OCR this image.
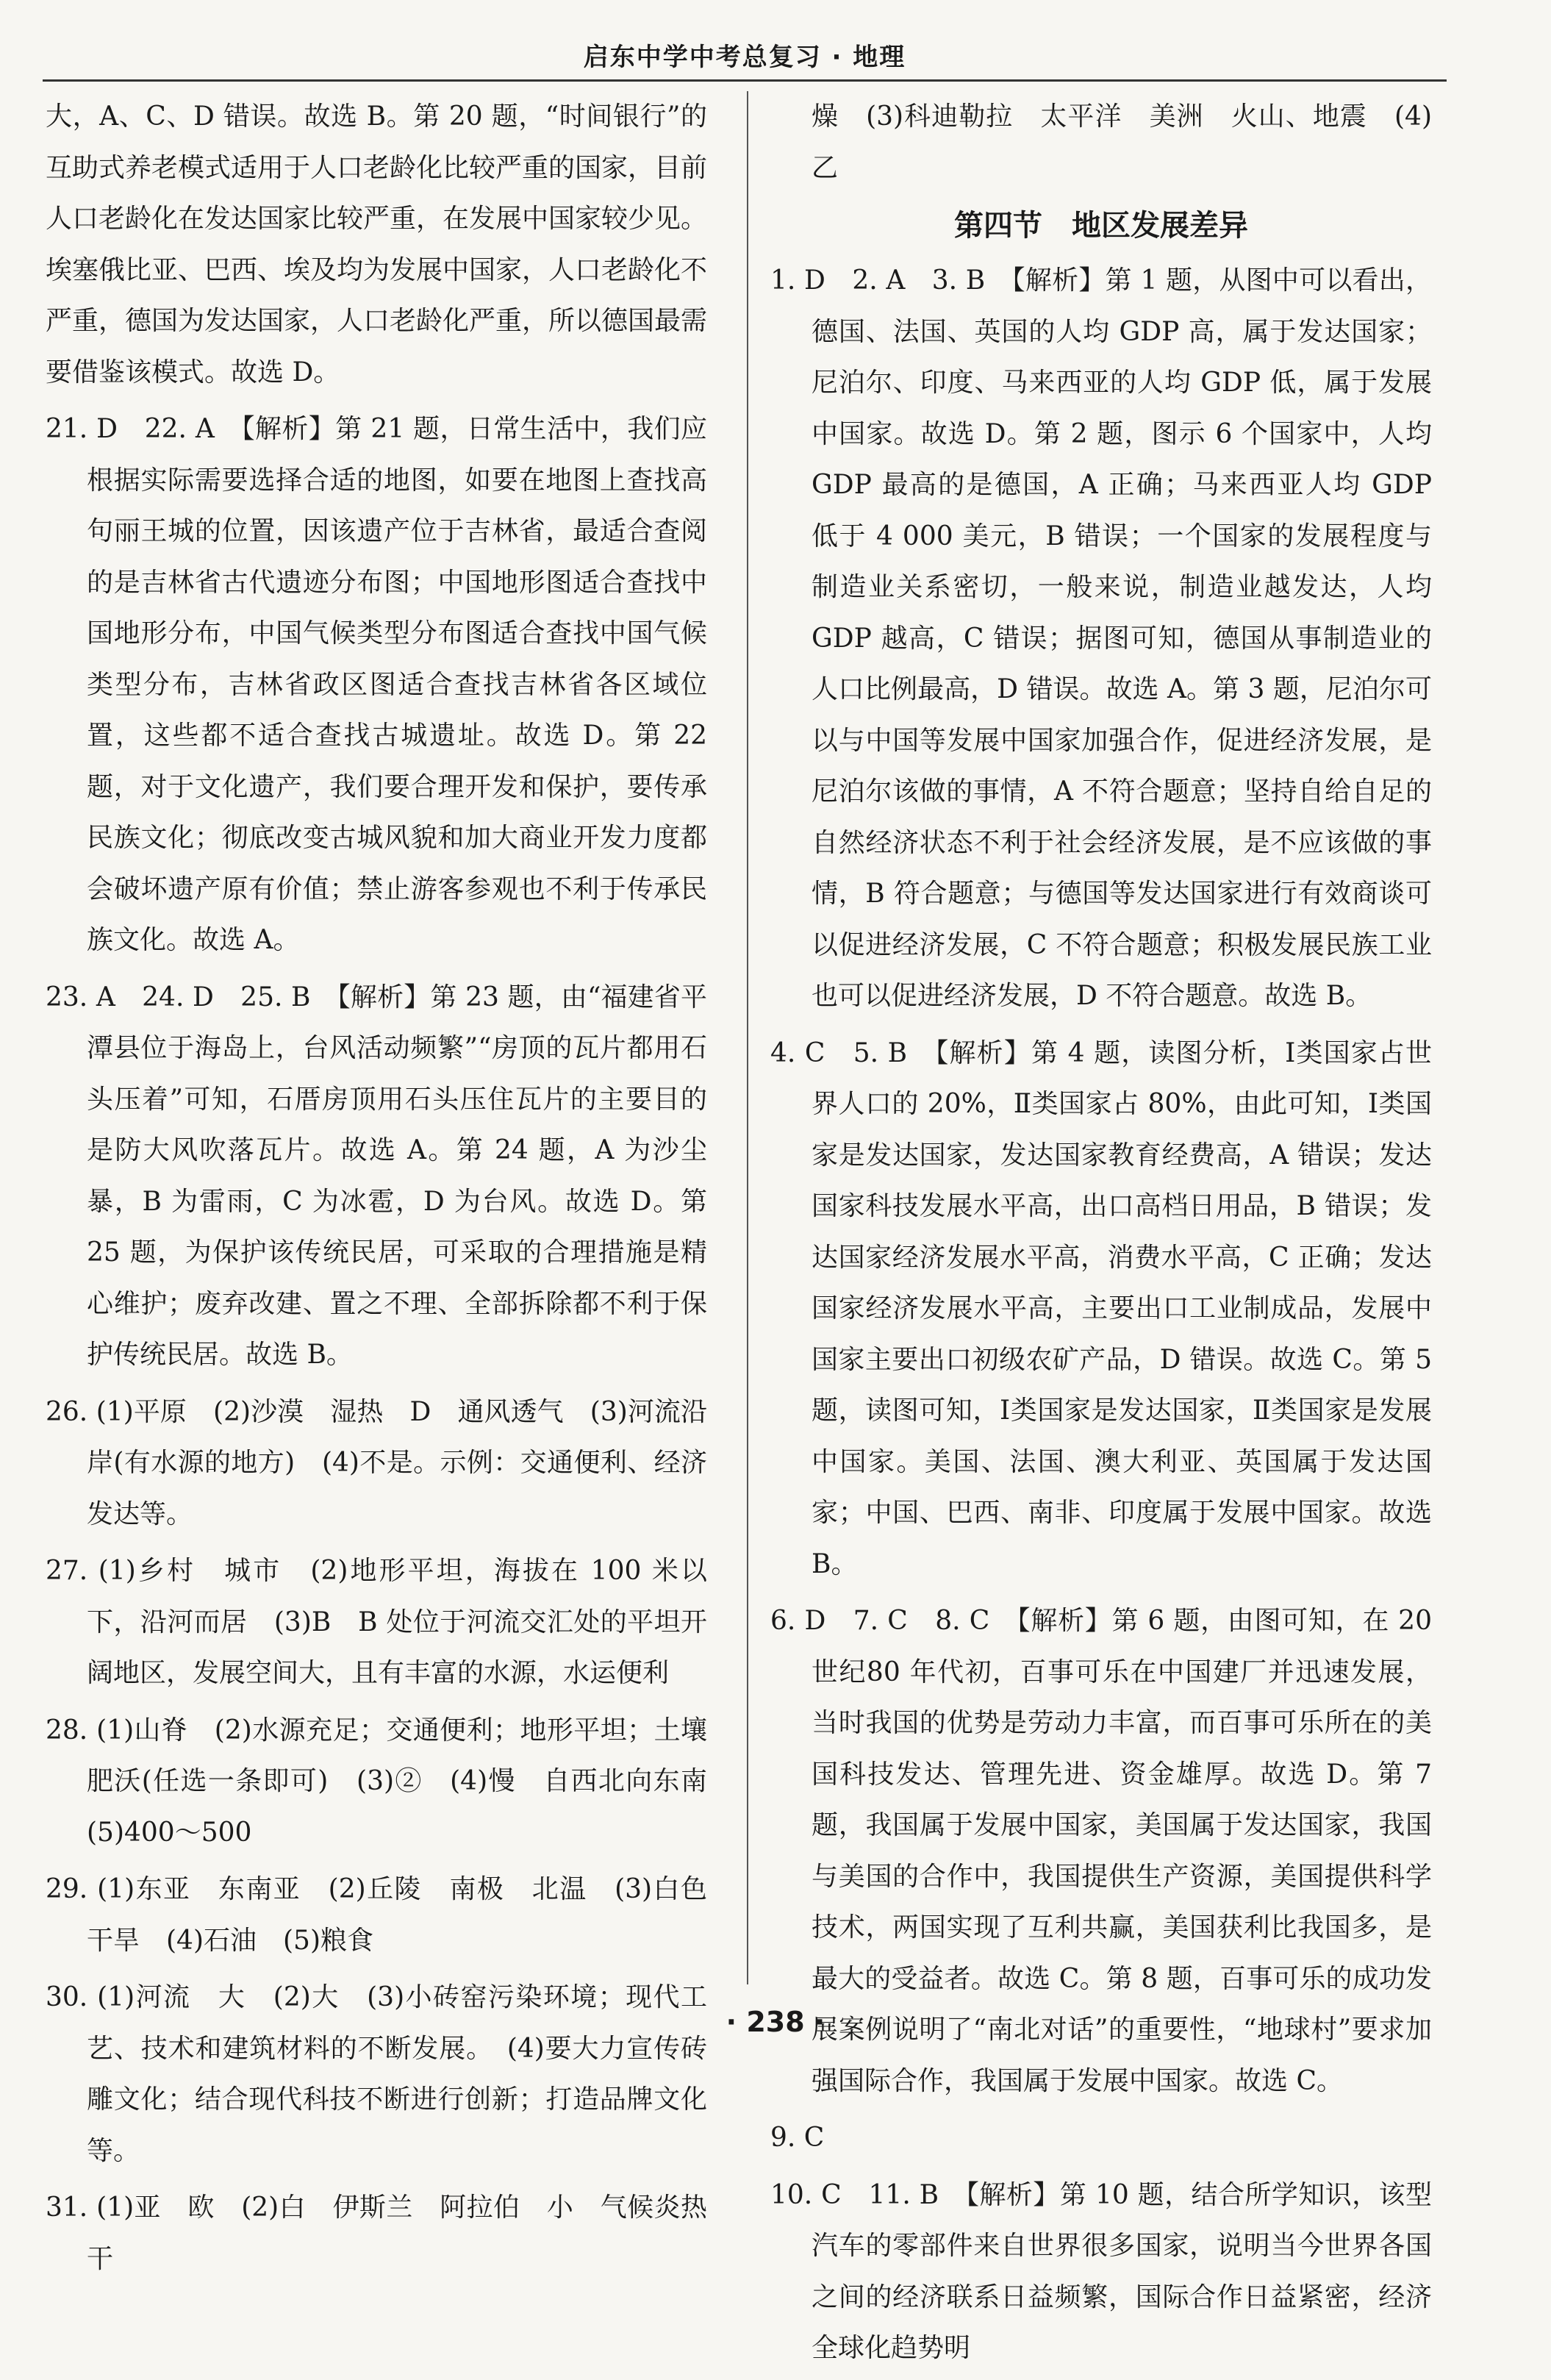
启东中学中考总复习 · 地理

大，A、C、D 错误。故选 B。第 20 题，“时间银行”的互助式养老模式适用于人口老龄化比较严重的国家，目前人口老龄化在发达国家比较严重，在发展中国家较少见。埃塞俄比亚、巴西、埃及均为发展中国家，人口老龄化不严重，德国为发达国家，人口老龄化严重，所以德国最需要借鉴该模式。故选 D。

21. D　22. A　【解析】第 21 题，日常生活中，我们应根据实际需要选择合适的地图，如要在地图上查找高句丽王城的位置，因该遗产位于吉林省，最适合查阅的是吉林省古代遗迹分布图；中国地形图适合查找中国地形分布，中国气候类型分布图适合查找中国气候类型分布，吉林省政区图适合查找吉林省各区域位置，这些都不适合查找古城遗址。故选 D。第 22 题，对于文化遗产，我们要合理开发和保护，要传承民族文化；彻底改变古城风貌和加大商业开发力度都会破坏遗产原有价值；禁止游客参观也不利于传承民族文化。故选 A。

23. A　24. D　25. B　【解析】第 23 题，由“福建省平潭县位于海岛上，台风活动频繁”“房顶的瓦片都用石头压着”可知，石厝房顶用石头压住瓦片的主要目的是防大风吹落瓦片。故选 A。第 24 题，A 为沙尘暴，B 为雷雨，C 为冰雹，D 为台风。故选 D。第 25 题，为保护该传统民居，可采取的合理措施是精心维护；废弃改建、置之不理、全部拆除都不利于保护传统民居。故选 B。

26. (1)平原　(2)沙漠　湿热　D　通风透气　(3)河流沿岸(有水源的地方)　(4)不是。示例：交通便利、经济发达等。

27. (1)乡村　城市　(2)地形平坦，海拔在 100 米以下，沿河而居　(3)B　B 处位于河流交汇处的平坦开阔地区，发展空间大，且有丰富的水源，水运便利

28. (1)山脊　(2)水源充足；交通便利；地形平坦；土壤肥沃(任选一条即可)　(3)②　(4)慢　自西北向东南　(5)400～500

29. (1)东亚　东南亚　(2)丘陵　南极　北温　(3)白色　干旱　(4)石油　(5)粮食

30. (1)河流　大　(2)大　(3)小砖窑污染环境；现代工艺、技术和建筑材料的不断发展。　(4)要大力宣传砖雕文化；结合现代科技不断进行创新；打造品牌文化等。

31. (1)亚　欧　(2)白　伊斯兰　阿拉伯　小　气候炎热干

燥　(3)科迪勒拉　太平洋　美洲　火山、地震　(4)乙

第四节　地区发展差异

1. D　2. A　3. B　【解析】第 1 题，从图中可以看出，德国、法国、英国的人均 GDP 高，属于发达国家；尼泊尔、印度、马来西亚的人均 GDP 低，属于发展中国家。故选 D。第 2 题，图示 6 个国家中，人均 GDP 最高的是德国，A 正确；马来西亚人均 GDP 低于 4 000 美元，B 错误；一个国家的发展程度与制造业关系密切，一般来说，制造业越发达，人均 GDP 越高，C 错误；据图可知，德国从事制造业的人口比例最高，D 错误。故选 A。第 3 题，尼泊尔可以与中国等发展中国家加强合作，促进经济发展，是尼泊尔该做的事情，A 不符合题意；坚持自给自足的自然经济状态不利于社会经济发展，是不应该做的事情，B 符合题意；与德国等发达国家进行有效商谈可以促进经济发展，C 不符合题意；积极发展民族工业也可以促进经济发展，D 不符合题意。故选 B。

4. C　5. B　【解析】第 4 题，读图分析，Ⅰ类国家占世界人口的 20%，Ⅱ类国家占 80%，由此可知，Ⅰ类国家是发达国家，发达国家教育经费高，A 错误；发达国家科技发展水平高，出口高档日用品，B 错误；发达国家经济发展水平高，消费水平高，C 正确；发达国家经济发展水平高，主要出口工业制成品，发展中国家主要出口初级农矿产品，D 错误。故选 C。第 5 题，读图可知，Ⅰ类国家是发达国家，Ⅱ类国家是发展中国家。美国、法国、澳大利亚、英国属于发达国家；中国、巴西、南非、印度属于发展中国家。故选 B。

6. D　7. C　8. C　【解析】第 6 题，由图可知，在 20 世纪80 年代初，百事可乐在中国建厂并迅速发展，当时我国的优势是劳动力丰富，而百事可乐所在的美国科技发达、管理先进、资金雄厚。故选 D。第 7 题，我国属于发展中国家，美国属于发达国家，我国与美国的合作中，我国提供生产资源，美国提供科学技术，两国实现了互利共赢，美国获利比我国多，是最大的受益者。故选 C。第 8 题，百事可乐的成功发展案例说明了“南北对话”的重要性，“地球村”要求加强国际合作，我国属于发展中国家。故选 C。

9. C

10. C　11. B　【解析】第 10 题，结合所学知识，该型汽车的零部件来自世界很多国家，说明当今世界各国之间的经济联系日益频繁，国际合作日益紧密，经济全球化趋势明

· 238 ·
